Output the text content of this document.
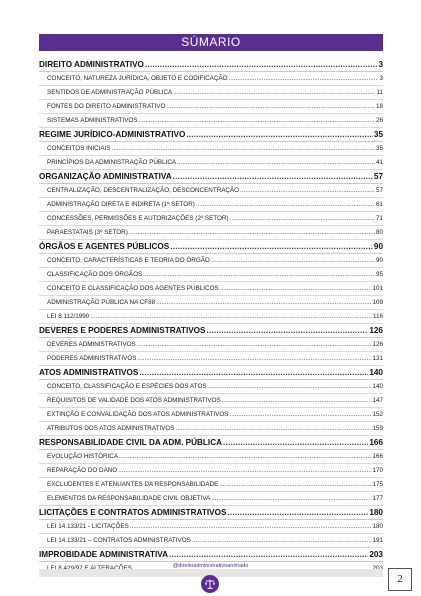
SÚMARIO
DIREITO ADMINISTRATIVO .....	3
CONCEITO, NATUREZA JURÍDICA, OBJETO E CODIFICAÇÃO .....	3
SENTIDOS DE ADMINISTRAÇÃO PÚBLICA .....	11
FONTES DO DIREITO ADMINISTRATIVO .....	18
SISTEMAS ADMINISTRATIVOS .....	26
REGIME JURÍDICO-ADMINISTRATIVO .....	35
CONCEITOS INICIAIS .....	35
PRINCÍPIOS DA ADMINISTRAÇÃO PÚBLICA .....	41
ORGANIZAÇÃO ADMINISTRATIVA .....	57
CENTRALIZAÇÃO, DESCENTRALIZAÇÃO, DESCONCENTRAÇÃO .....	57
ADMINISTRAÇÃO DIRETA E INDIRETA (1º SETOR) .....	61
CONCESSÕES, PERMISSÕES E AUTORIZAÇÕES (2º SETOR) .....	71
PARAESTATAIS (3º SETOR) .....	80
ÓRGÃOS E AGENTES PÚBLICOS .....	90
CONCEITO, CARACTERÍSTICAS E TEORIA DO ÓRGÃO .....	90
CLASSIFICAÇÃO DOS ÓRGÃOS .....	95
CONCEITO E CLASSIFICAÇÃO DOS AGENTES PÚBLICOS .....	101
ADMINISTRAÇÃO PÚBLICA NA CF88 .....	109
LEI 8.112/1990 .....	116
DEVERES E PODERES ADMINISTRATIVOS .....	126
DEVERES ADMINISTRATIVOS .....	126
PODERES ADMINISTRATIVOS .....	131
ATOS ADMINISTRATIVOS .....	140
CONCEITO, CLASSIFICAÇÃO E ESPÉCIES DOS ATOS .....	140
REQUISITOS DE VALIDADE DOS ATOS ADMINISTRATIVOS .....	147
EXTINÇÃO E CONVALIDAÇÃO DOS ATOS ADMINISTRATIVOS .....	152
ATRIBUTOS DOS ATOS ADMINISTRATIVOS .....	159
RESPONSABILIDADE CIVIL DA ADM. PÚBLICA .....	166
EVOLUÇÃO HISTÓRICA .....	166
REPARAÇÃO DO DANO .....	170
EXCLUDENTES E ATENUANTES DA RESPONSABILIDADE .....	175
ELEMENTOS DA RESPONSABILIDADE CIVIL OBJETIVA .....	177
LICITAÇÕES E CONTRATOS ADMINISTRATIVOS .....	180
LEI 14.133/21 - LICITAÇÕES .....	180
LEI 14.133/21 – CONTRATOS ADMINISTRATIVOS .....	191
IMPROBIDADE ADMINISTRATIVA .....	203
.....
@direitoadministrativoanimado
2
